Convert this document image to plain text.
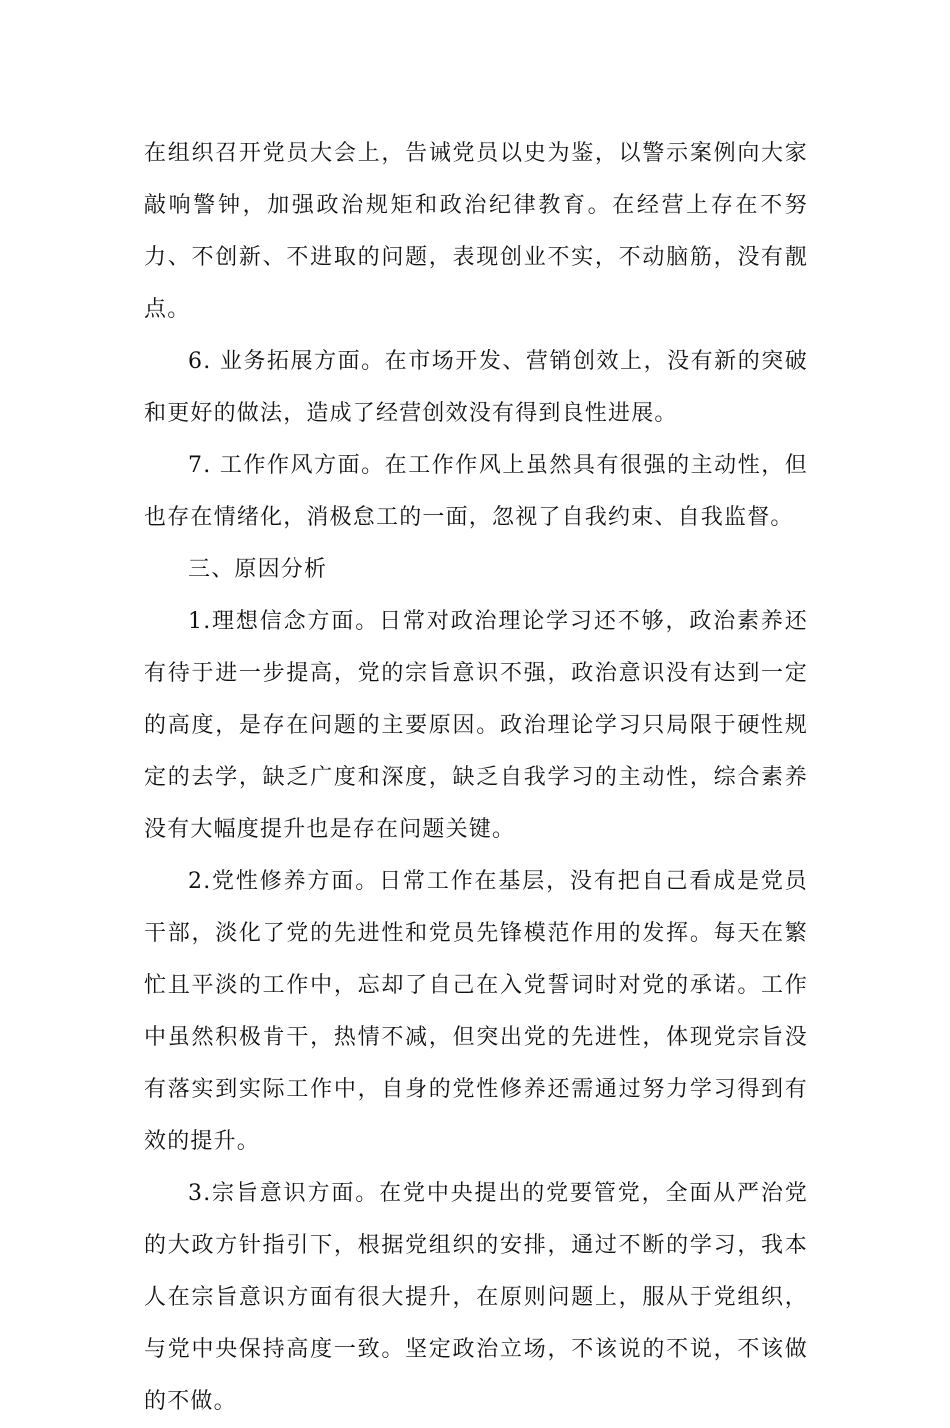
在组织召开党员大会上，告诫党员以史为鉴，以警示案例向大家敲响警钟，加强政治规矩和政治纪律教育。在经营上存在不努力、不创新、不进取的问题，表现创业不实，不动脑筋，没有靓点。

6. 业务拓展方面。在市场开发、营销创效上，没有新的突破和更好的做法，造成了经营创效没有得到良性进展。

7. 工作作风方面。在工作作风上虽然具有很强的主动性，但也存在情绪化，消极怠工的一面，忽视了自我约束、自我监督。

三、原因分析

1.理想信念方面。日常对政治理论学习还不够，政治素养还有待于进一步提高，党的宗旨意识不强，政治意识没有达到一定的高度，是存在问题的主要原因。政治理论学习只局限于硬性规定的去学，缺乏广度和深度，缺乏自我学习的主动性，综合素养没有大幅度提升也是存在问题关键。

2.党性修养方面。日常工作在基层，没有把自己看成是党员干部，淡化了党的先进性和党员先锋模范作用的发挥。每天在繁忙且平淡的工作中，忘却了自己在入党誓词时对党的承诺。工作中虽然积极肯干，热情不减，但突出党的先进性，体现党宗旨没有落实到实际工作中，自身的党性修养还需通过努力学习得到有效的提升。

3.宗旨意识方面。在党中央提出的党要管党，全面从严治党的大政方针指引下，根据党组织的安排，通过不断的学习，我本人在宗旨意识方面有很大提升，在原则问题上，服从于党组织，与党中央保持高度一致。坚定政治立场，不该说的不说，不该做的不做。
